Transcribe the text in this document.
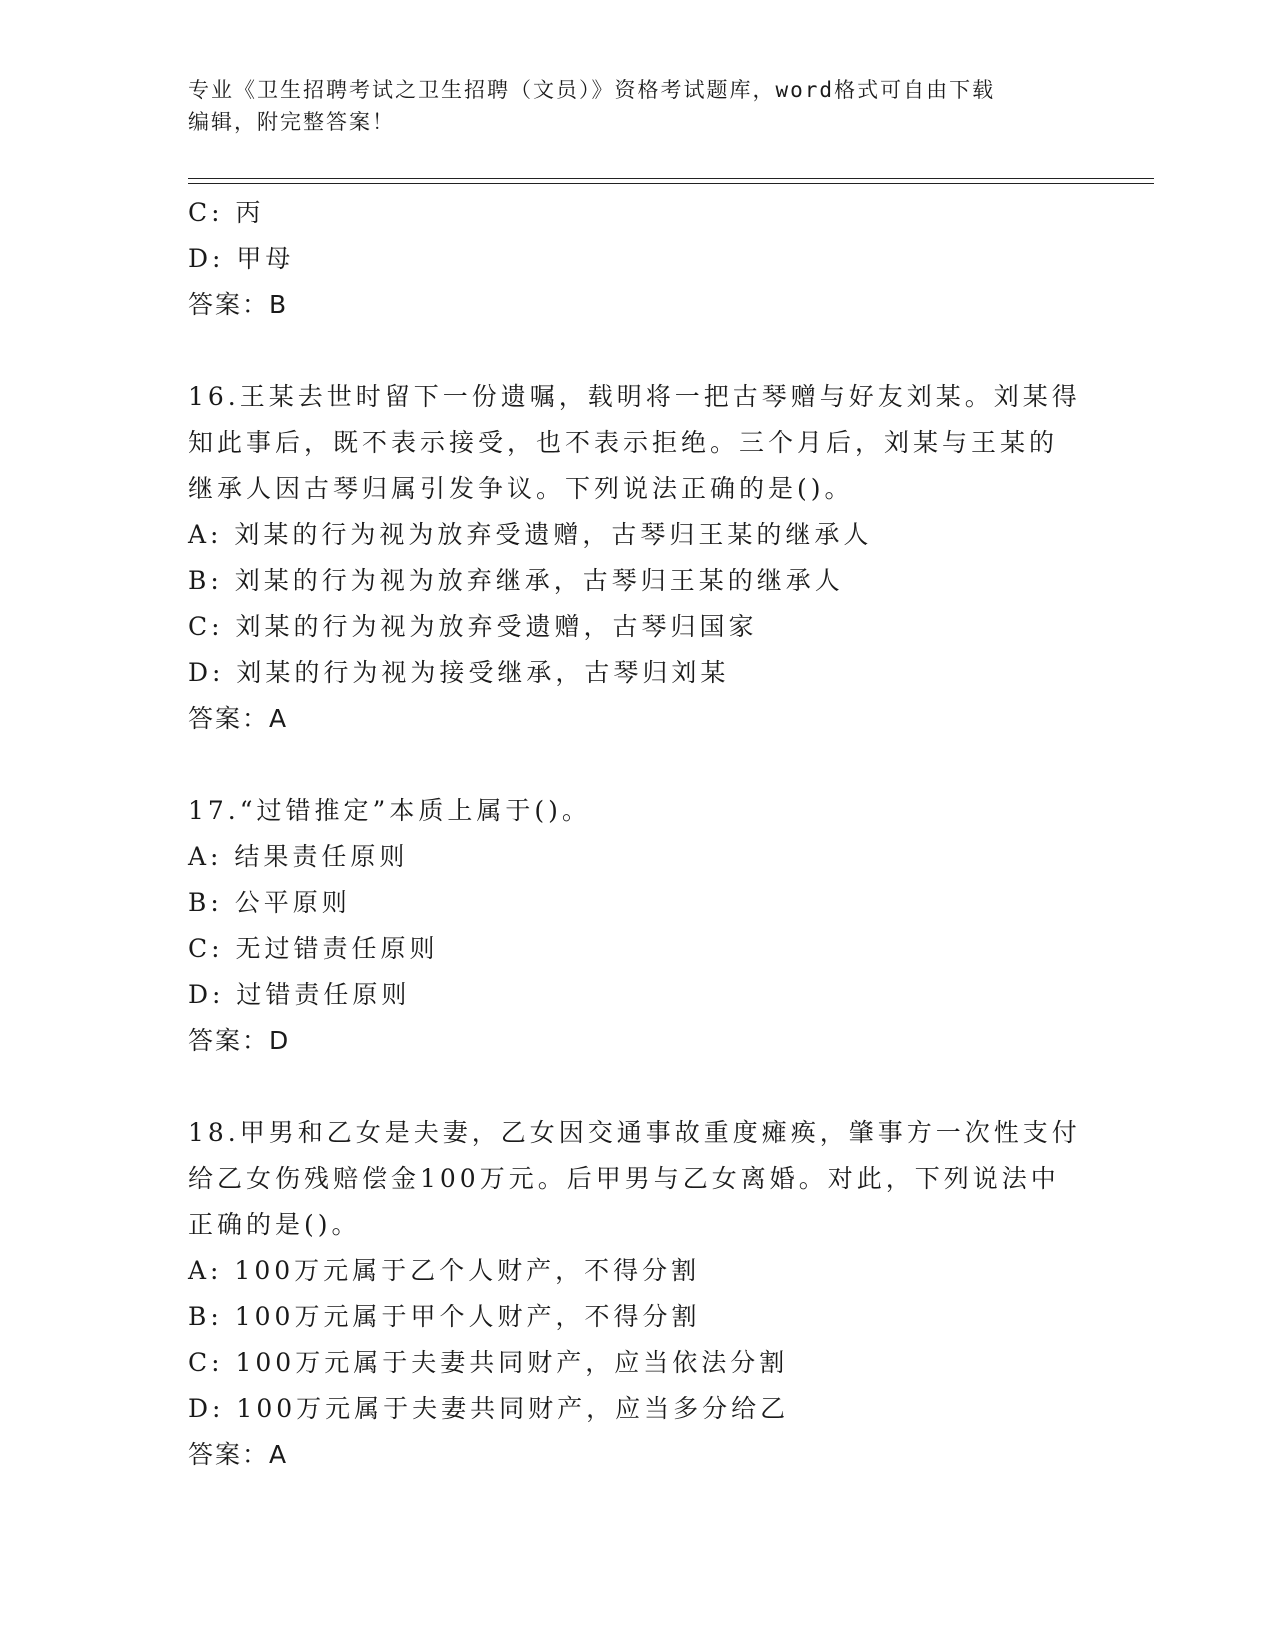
专业《卫生招聘考试之卫生招聘（文员）》资格考试题库，word格式可自由下载
编辑，附完整答案！
C: 丙
D: 甲母
答案：B
16.王某去世时留下一份遗嘱，载明将一把古琴赠与好友刘某。刘某得
知此事后，既不表示接受，也不表示拒绝。三个月后，刘某与王某的
继承人因古琴归属引发争议。下列说法正确的是()。
A: 刘某的行为视为放弃受遗赠，古琴归王某的继承人
B: 刘某的行为视为放弃继承，古琴归王某的继承人
C: 刘某的行为视为放弃受遗赠，古琴归国家
D: 刘某的行为视为接受继承，古琴归刘某
答案：A
17.“过错推定”本质上属于()。
A: 结果责任原则
B: 公平原则
C: 无过错责任原则
D: 过错责任原则
答案：D
18.甲男和乙女是夫妻，乙女因交通事故重度瘫痪，肇事方一次性支付
给乙女伤残赔偿金100万元。后甲男与乙女离婚。对此，下列说法中
正确的是()。
A: 100万元属于乙个人财产，不得分割
B: 100万元属于甲个人财产，不得分割
C: 100万元属于夫妻共同财产，应当依法分割
D: 100万元属于夫妻共同财产，应当多分给乙
答案：A
